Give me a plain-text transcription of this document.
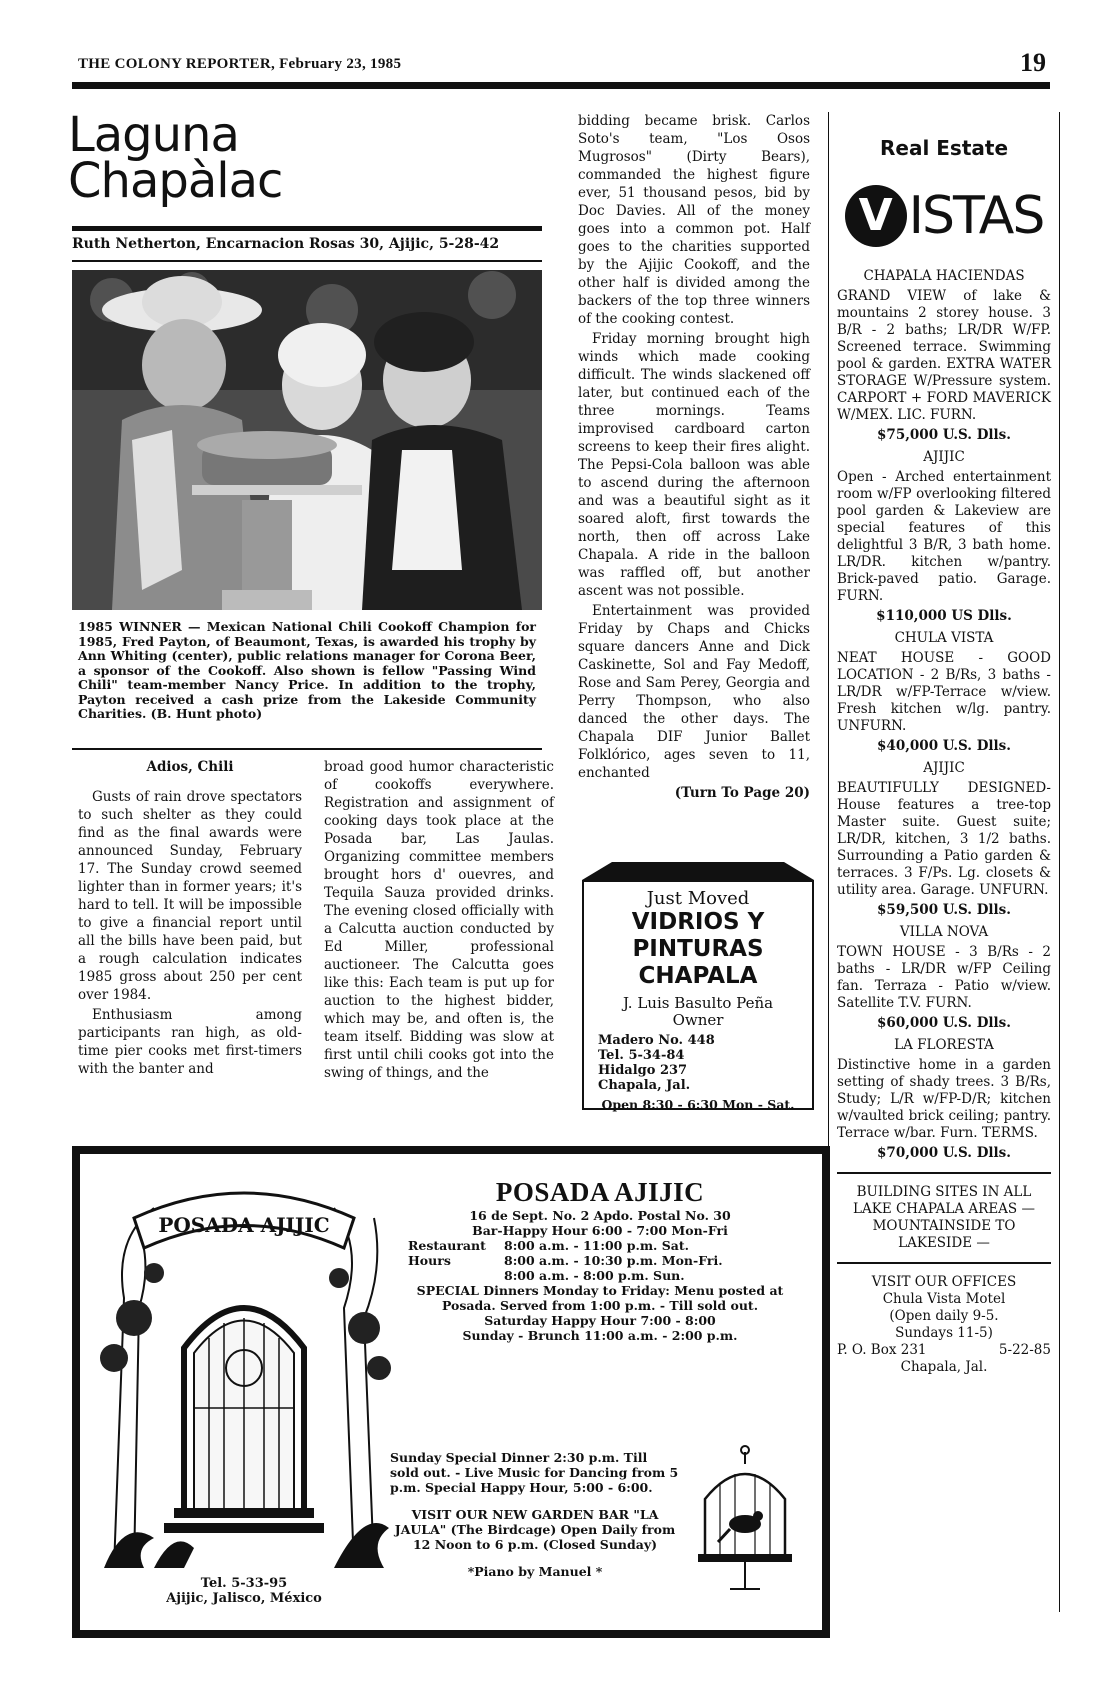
THE COLONY REPORTER, February 23, 1985	19
Laguna
Chapàlac
Ruth Netherton, Encarnacion Rosas 30, Ajijic, 5-28-42
1985 WINNER — Mexican National Chili Cookoff Champion for 1985, Fred Payton, of Beaumont, Texas, is awarded his trophy by Ann Whiting (center), public relations manager for Corona Beer, a sponsor of the Cookoff. Also shown is fellow "Passing Wind Chili" team-member Nancy Price. In addition to the trophy, Payton received a cash prize from the Lakeside Community Charities. (B. Hunt photo)

Adios, Chili

Gusts of rain drove spectators to such shelter as they could find as the final awards were announced Sunday, February 17. The Sunday crowd seemed lighter than in former years; it's hard to tell. It will be impossible to give a financial report until all the bills have been paid, but a rough calculation indicates 1985 gross about 250 per cent over 1984.

Enthusiasm among participants ran high, as old-time pier cooks met first-timers with the banter and

broad good humor characteristic of cookoffs everywhere. Registration and assignment of cooking days took place at the Posada bar, Las Jaulas. Organizing committee members brought hors d' ouevres, and Tequila Sauza provided drinks. The evening closed officially with a Calcutta auction conducted by Ed Miller, professional auctioneer. The Calcutta goes like this: Each team is put up for auction to the highest bidder, which may be, and often is, the team itself. Bidding was slow at first until chili cooks got into the swing of things, and the

bidding became brisk. Carlos Soto's team, "Los Osos Mugrosos" (Dirty Bears), commanded the highest figure ever, 51 thousand pesos, bid by Doc Davies. All of the money goes into a common pot. Half goes to the charities supported by the Ajijic Cookoff, and the other half is divided among the backers of the top three winners of the cooking contest.

Friday morning brought high winds which made cooking difficult. The winds slackened off later, but continued each of the three mornings. Teams improvised cardboard carton screens to keep their fires alight. The Pepsi-Cola balloon was able to ascend during the afternoon and was a beautiful sight as it soared aloft, first towards the north, then off across Lake Chapala. A ride in the balloon was raffled off, but another ascent was not possible.

Entertainment was provided Friday by Chaps and Chicks square dancers Anne and Dick Caskinette, Sol and Fay Medoff, Rose and Sam Perey, Georgia and Perry Thompson, who also danced the other days. The Chapala DIF Junior Ballet Folklórico, ages seven to 11, enchanted

(Turn To Page 20)

Just Moved
VIDRIOS Y
PINTURAS
CHAPALA
J. Luis Basulto Peña
Owner
Madero No. 448
Tel. 5-34-84
Hidalgo 237
Chapala, Jal.
Open 8:30 - 6:30 Mon - Sat.
Real Estate
V ISTAS
CHAPALA HACIENDAS
GRAND VIEW of lake & mountains 2 storey house. 3 B/R - 2 baths; LR/DR W/FP. Screened terrace. Swimming pool & garden. EXTRA WATER STORAGE W/Pressure system. CARPORT + FORD MAVERICK W/MEX. LIC. FURN.
$75,000 U.S. Dlls.
AJIJIC
Open - Arched entertainment room w/FP overlooking filtered pool garden & Lakeview are special features of this delightful 3 B/R, 3 bath home. LR/DR. kitchen w/pantry. Brick-paved patio. Garage. FURN.
$110,000 US Dlls.
CHULA VISTA
NEAT HOUSE - GOOD LOCATION - 2 B/Rs, 3 baths - LR/DR w/FP-Terrace w/view. Fresh kitchen w/lg. pantry. UNFURN.
$40,000 U.S. Dlls.
AJIJIC
BEAUTIFULLY DESIGNED-House features a tree-top Master suite. Guest suite; LR/DR, kitchen, 3 1/2 baths. Surrounding a Patio garden & terraces. 3 F/Ps. Lg. closets & utility area. Garage. UNFURN.
$59,500 U.S. Dlls.
VILLA NOVA
TOWN HOUSE - 3 B/Rs - 2 baths - LR/DR w/FP Ceiling fan. Terraza - Patio w/view. Satellite T.V. FURN.
$60,000 U.S. Dlls.
LA FLORESTA
Distinctive home in a garden setting of shady trees. 3 B/Rs, Study; L/R w/FP-D/R; kitchen w/vaulted brick ceiling; pantry. Terrace w/bar. Furn. TERMS.
$70,000 U.S. Dlls.
BUILDING SITES IN ALL LAKE CHAPALA AREAS — MOUNTAINSIDE TO LAKESIDE —
VISIT OUR OFFICES
Chula Vista Motel
(Open daily 9-5.
Sundays 11-5)
P. O. Box 231	5-22-85
Chapala, Jal.
POSADA AJIJIC
Tel. 5-33-95
Ajijic, Jalisco, México
POSADA AJIJIC
16 de Sept. No. 2 Apdo. Postal No. 30
Bar-Happy Hour 6:00 - 7:00 Mon-Fri
Restaurant Hours
8:00 a.m. - 11:00 p.m. Sat.
8:00 a.m. - 10:30 p.m. Mon-Fri.
8:00 a.m. - 8:00 p.m. Sun.
SPECIAL Dinners Monday to Friday: Menu posted at Posada. Served from 1:00 p.m. - Till sold out.
Saturday Happy Hour 7:00 - 8:00
Sunday - Brunch 11:00 a.m. - 2:00 p.m.

Sunday Special Dinner 2:30 p.m. Till sold out. - Live Music for Dancing from 5 p.m. Special Happy Hour, 5:00 - 6:00.

VISIT OUR NEW GARDEN BAR "LA JAULA" (The Birdcage) Open Daily from 12 Noon to 6 p.m. (Closed Sunday)

*Piano by Manuel *
